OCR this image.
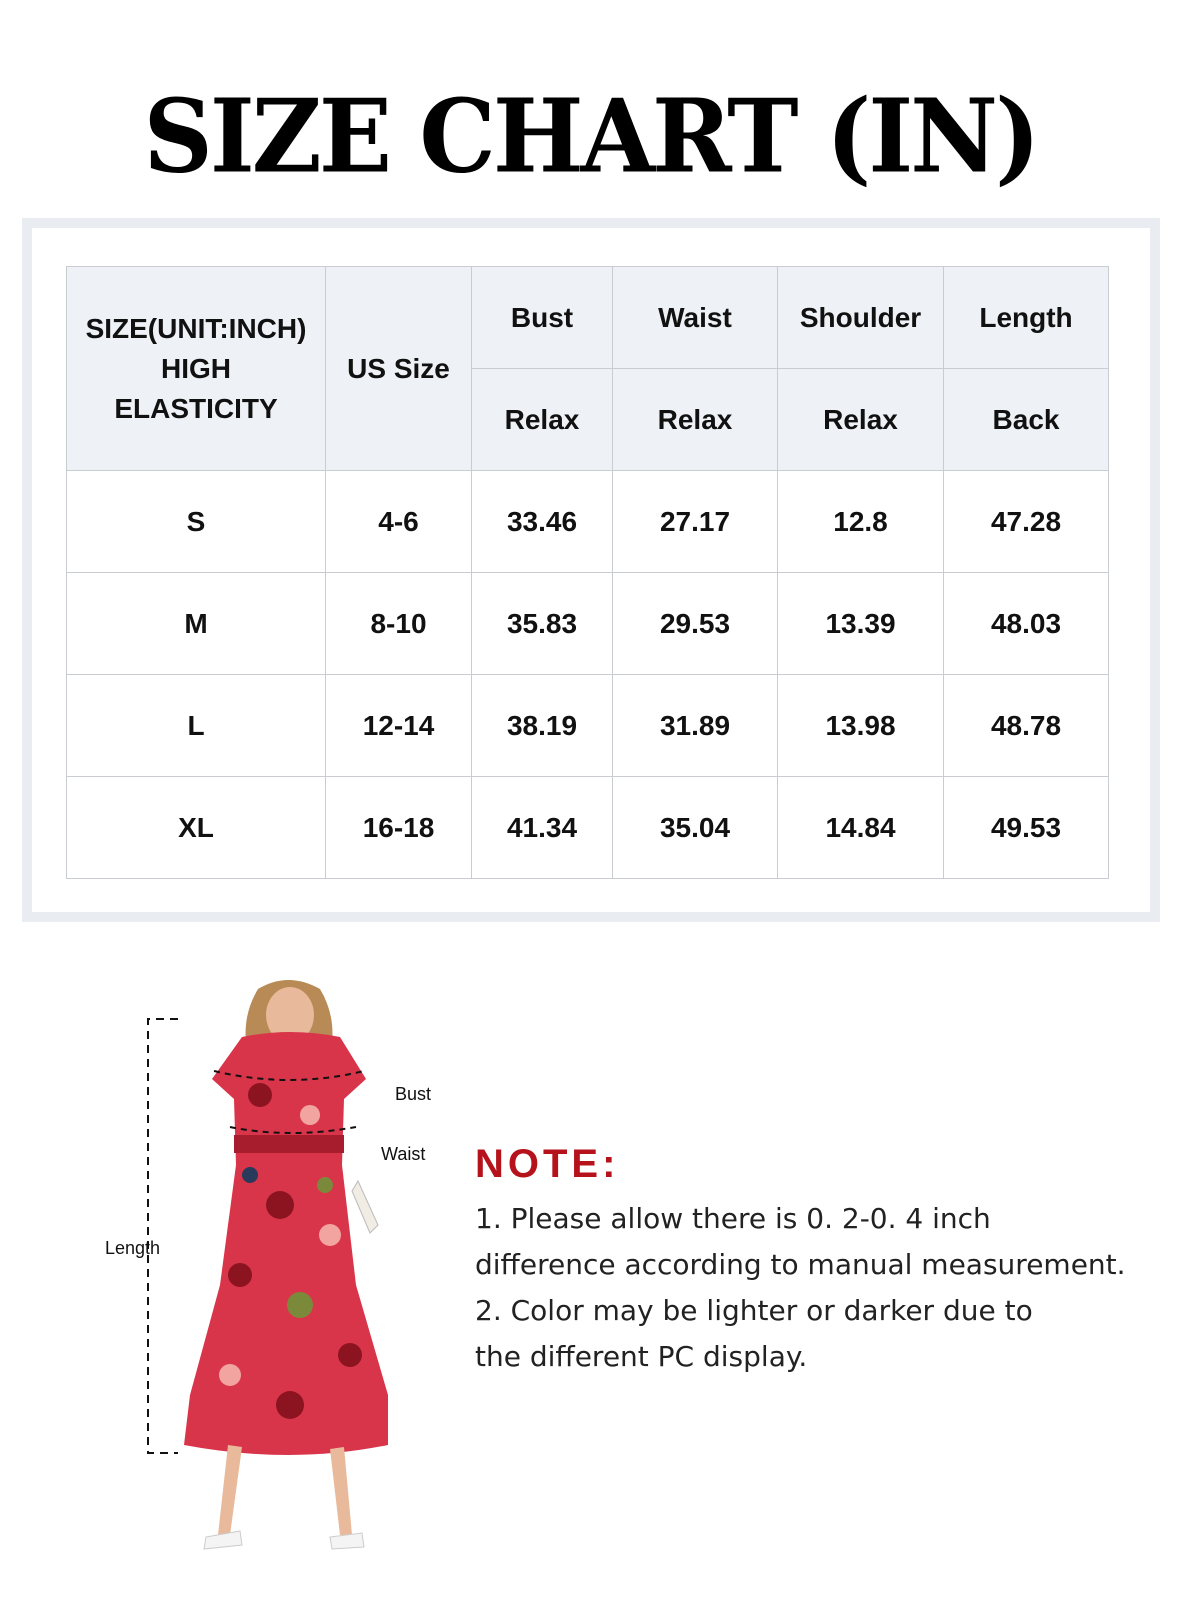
SIZE CHART (IN)
SIZE(UNIT:INCH)
HIGH
ELASTICITY	US Size	Bust	Waist	Shoulder	Length
		Relax	Relax	Relax	Back
S	4-6	33.46	27.17	12.8	47.28
M	8-10	35.83	29.53	13.39	48.03
L	12-14	38.19	31.89	13.98	48.78
XL	16-18	41.34	35.04	14.84	49.53
Bust
Waist
Length
NOTE:
1. Please allow there is 0. 2-0. 4 inch
difference according to manual measurement.
2. Color may be lighter or darker due to
the different PC display.
